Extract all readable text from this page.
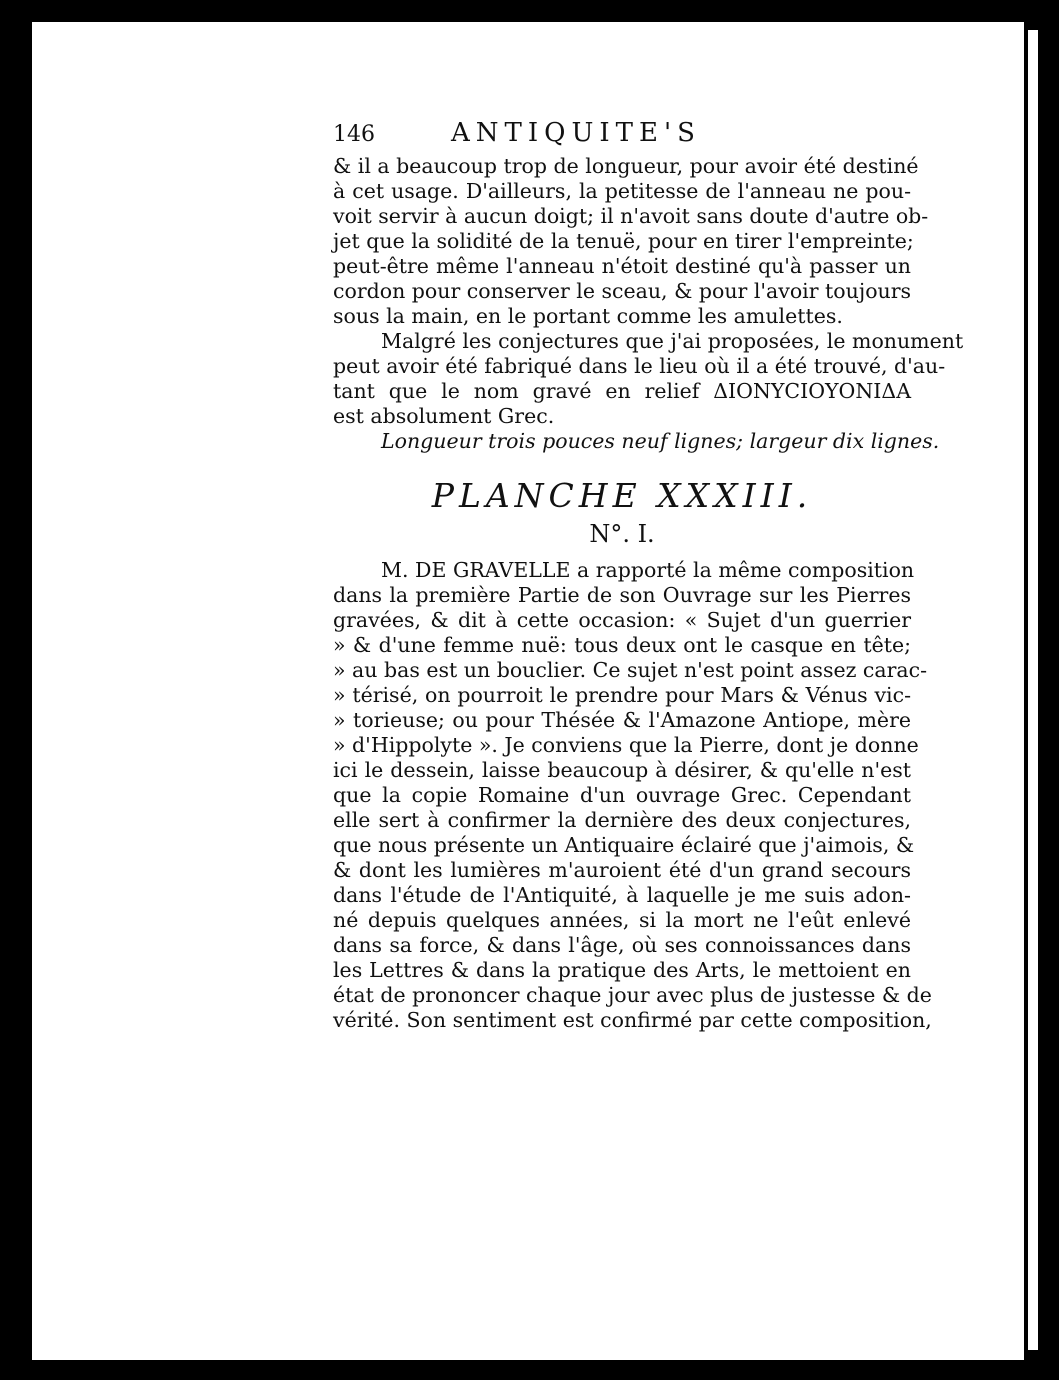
146	ANTIQUITE'S
& il a beaucoup trop de longueur, pour avoir été destiné
à cet usage. D'ailleurs, la petitesse de l'anneau ne pou-
voit servir à aucun doigt; il n'avoit sans doute d'autre ob-
jet que la solidité de la tenuë, pour en tirer l'empreinte;
peut-être même l'anneau n'étoit destiné qu'à passer un
cordon pour conserver le sceau, & pour l'avoir toujours
sous la main, en le portant comme les amulettes.
Malgré les conjectures que j'ai proposées, le monument
peut avoir été fabriqué dans le lieu où il a été trouvé, d'au-
tant que le nom gravé en relief ΔΙΟΝΥCΙΟΥΟΝΙΔΑ
est absolument Grec.
Longueur trois pouces neuf lignes; largeur dix lignes.
PLANCHE XXXIII.
N°. I.
M. DE GRAVELLE a rapporté la même composition
dans la première Partie de son Ouvrage sur les Pierres
gravées, & dit à cette occasion: « Sujet d'un guerrier
» & d'une femme nuë: tous deux ont le casque en tête;
» au bas est un bouclier. Ce sujet n'est point assez carac-
» térisé, on pourroit le prendre pour Mars & Vénus vic-
» torieuse; ou pour Thésée & l'Amazone Antiope, mère
» d'Hippolyte ». Je conviens que la Pierre, dont je donne
ici le dessein, laisse beaucoup à désirer, & qu'elle n'est
que la copie Romaine d'un ouvrage Grec. Cependant
elle sert à confirmer la dernière des deux conjectures,
que nous présente un Antiquaire éclairé que j'aimois, &
& dont les lumières m'auroient été d'un grand secours
dans l'étude de l'Antiquité, à laquelle je me suis adon-
né depuis quelques années, si la mort ne l'eût enlevé
dans sa force, & dans l'âge, où ses connoissances dans
les Lettres & dans la pratique des Arts, le mettoient en
état de prononcer chaque jour avec plus de justesse & de
vérité. Son sentiment est confirmé par cette composition,
